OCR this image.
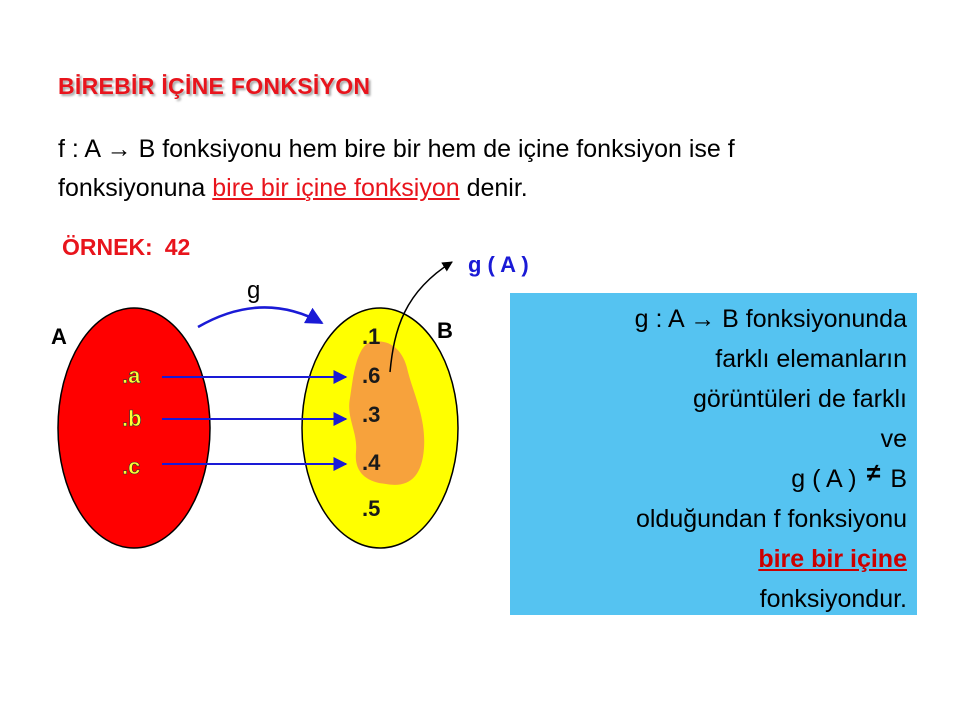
BİREBİR İÇİNE FONKSİYON
f : A → B fonksiyonu hem bire bir hem de içine fonksiyon ise f
fonksiyonuna bire bir içine fonksiyon denir.
ÖRNEK: 42
A	B
g
g ( A )
.a
.b
.c
.1
.6
.3
.4
.5
g : A → B fonksiyonunda
farklı elemanların
görüntüleri de farklı
ve
g ( A ) ≠ B
olduğundan f fonksiyonu
bire bir içine
fonksiyondur.
